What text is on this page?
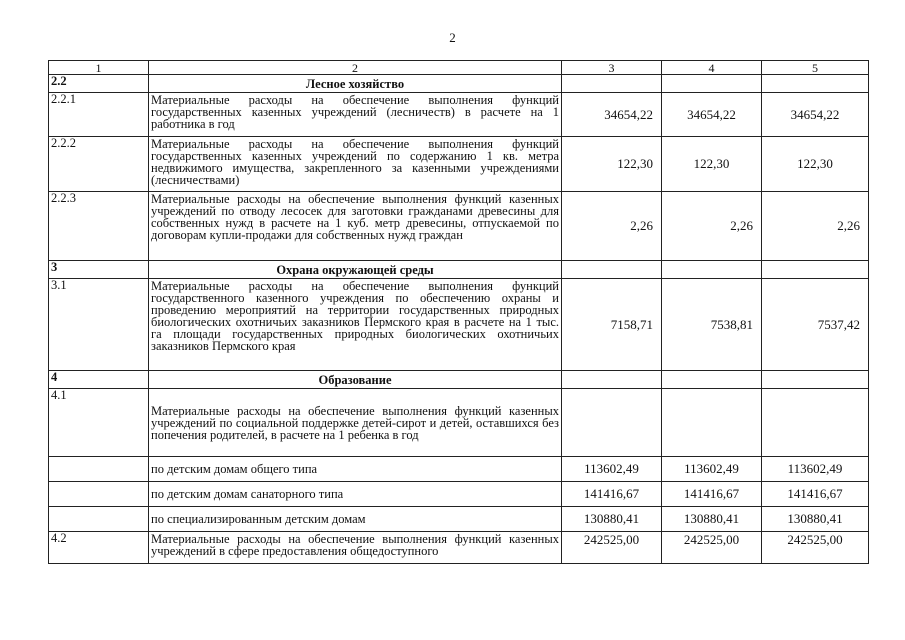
2
1	2	3	4	5
2.2	Лесное хозяйство			
2.2.1	Материальные расходы на обеспечение выполнения функций государственных казенных учреждений (лесничеств) в расчете на 1 работника в год	34654,22	34654,22	34654,22
2.2.2	Материальные расходы на обеспечение выполнения функций государственных казенных учреждений по содержанию 1 кв. метра недвижимого имущества, закрепленного за казенными учреждениями (лесничествами)	122,30	122,30	122,30
2.2.3	Материальные расходы на обеспечение выполнения функций казенных учреждений по отводу лесосек для заготовки гражданами древесины для собственных нужд в расчете на 1 куб. метр древесины, отпускаемой по договорам купли-продажи для собственных нужд граждан	2,26	2,26	2,26
3	Охрана окружающей среды			
3.1	Материальные расходы на обеспечение выполнения функций государственного казенного учреждения по обеспечению охраны и проведению мероприятий на территории государственных природных биологических охотничьих заказников Пермского края в расчете на 1 тыс. га площади государственных природных биологических охотничьих заказников Пермского края	7158,71	7538,81	7537,42
4	Образование			
4.1	Материальные расходы на обеспечение выполнения функций казенных учреждений по социальной поддержке детей-сирот и детей, оставшихся без попечения родителей, в расчете на 1 ребенка в год			
	по детским домам общего типа	113602,49	113602,49	113602,49
	по детским домам санаторного типа	141416,67	141416,67	141416,67
	по специализированным детским домам	130880,41	130880,41	130880,41
4.2	Материальные расходы на обеспечение выполнения функций казенных учреждений в сфере предоставления общедоступного	242525,00	242525,00	242525,00
